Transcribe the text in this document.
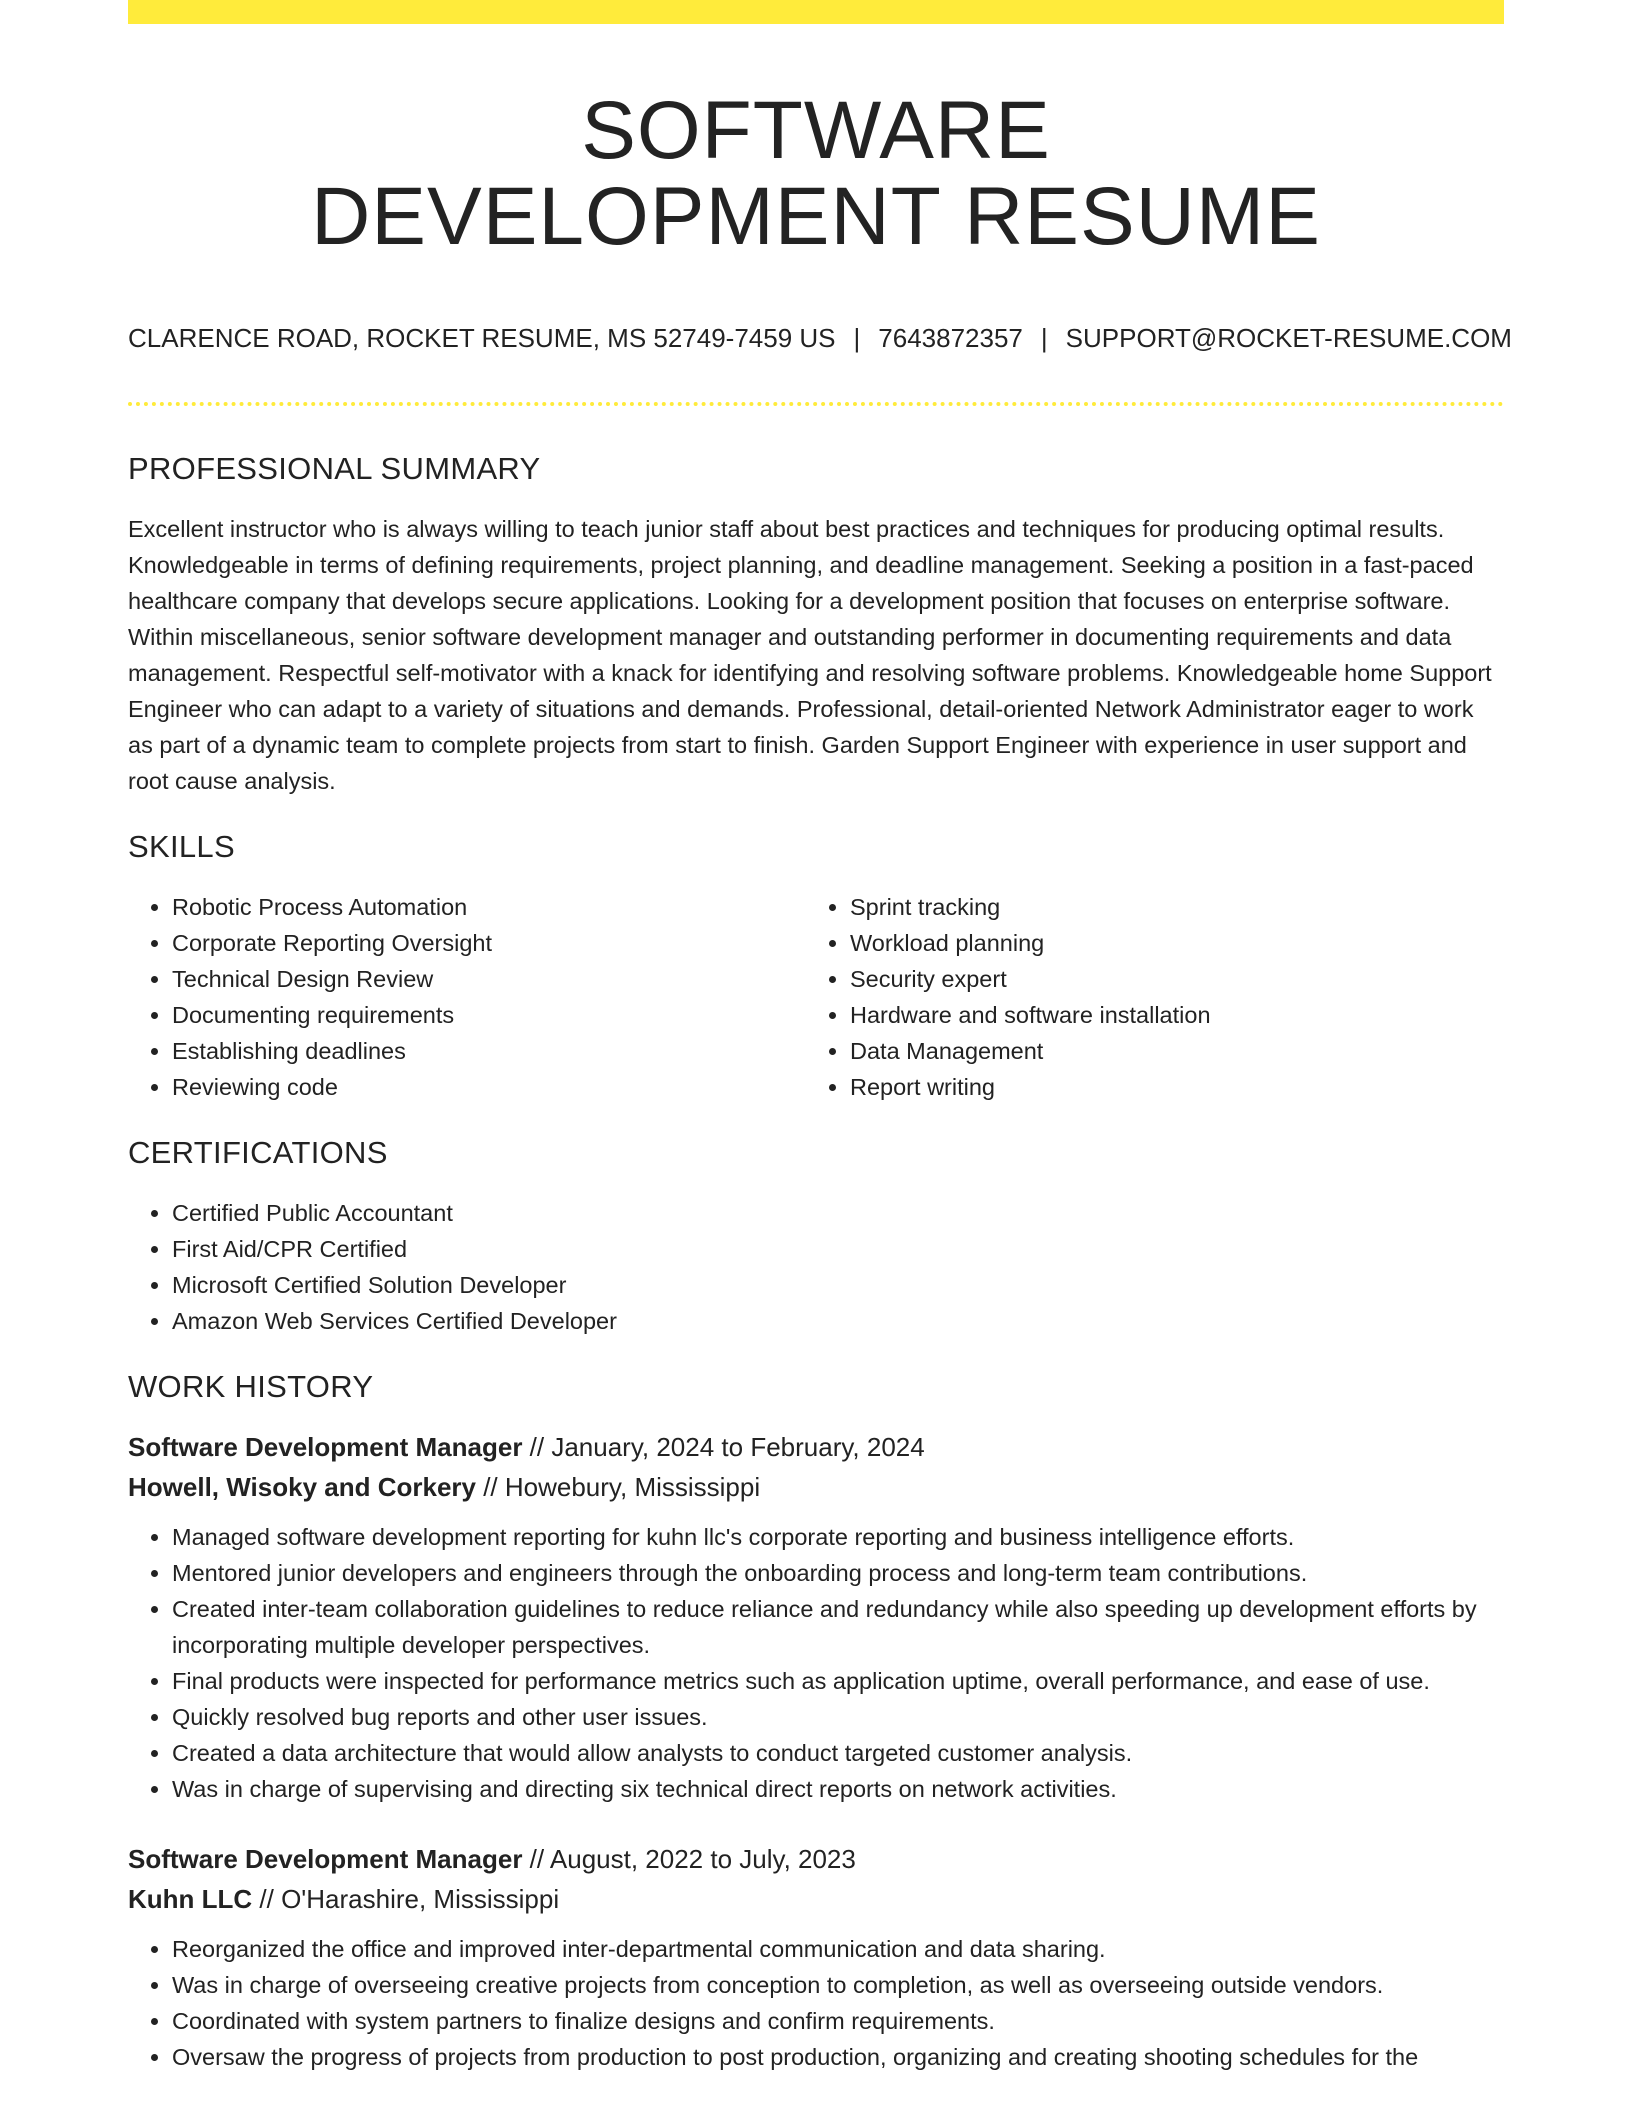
SOFTWARE
DEVELOPMENT RESUME
CLARENCE ROAD, ROCKET RESUME, MS 52749-7459 US | 7643872357 | SUPPORT@ROCKET-RESUME.COM
PROFESSIONAL SUMMARY

Excellent instructor who is always willing to teach junior staff about best practices and techniques for producing optimal results. Knowledgeable in terms of defining requirements, project planning, and deadline management. Seeking a position in a fast-paced healthcare company that develops secure applications. Looking for a development position that focuses on enterprise software. Within miscellaneous, senior software development manager and outstanding performer in documenting requirements and data management. Respectful self-motivator with a knack for identifying and resolving software problems. Knowledgeable home Support Engineer who can adapt to a variety of situations and demands. Professional, detail-oriented Network Administrator eager to work as part of a dynamic team to complete projects from start to finish. Garden Support Engineer with experience in user support and root cause analysis.

SKILLS
• Robotic Process Automation
• Corporate Reporting Oversight
• Technical Design Review
• Documenting requirements
• Establishing deadlines
• Reviewing code
• Sprint tracking
• Workload planning
• Security expert
• Hardware and software installation
• Data Management
• Report writing
CERTIFICATIONS
• Certified Public Accountant
• First Aid/CPR Certified
• Microsoft Certified Solution Developer
• Amazon Web Services Certified Developer
WORK HISTORY
Software Development Manager // January, 2024 to February, 2024
Howell, Wisoky and Corkery // Howebury, Mississippi
• Managed software development reporting for kuhn llc's corporate reporting and business intelligence efforts.
• Mentored junior developers and engineers through the onboarding process and long-term team contributions.
• Created inter-team collaboration guidelines to reduce reliance and redundancy while also speeding up development efforts by incorporating multiple developer perspectives.
• Final products were inspected for performance metrics such as application uptime, overall performance, and ease of use.
• Quickly resolved bug reports and other user issues.
• Created a data architecture that would allow analysts to conduct targeted customer analysis.
• Was in charge of supervising and directing six technical direct reports on network activities.
Software Development Manager // August, 2022 to July, 2023
Kuhn LLC // O'Harashire, Mississippi
• Reorganized the office and improved inter-departmental communication and data sharing.
• Was in charge of overseeing creative projects from conception to completion, as well as overseeing outside vendors.
• Coordinated with system partners to finalize designs and confirm requirements.
• Oversaw the progress of projects from production to post production, organizing and creating shooting schedules for the
